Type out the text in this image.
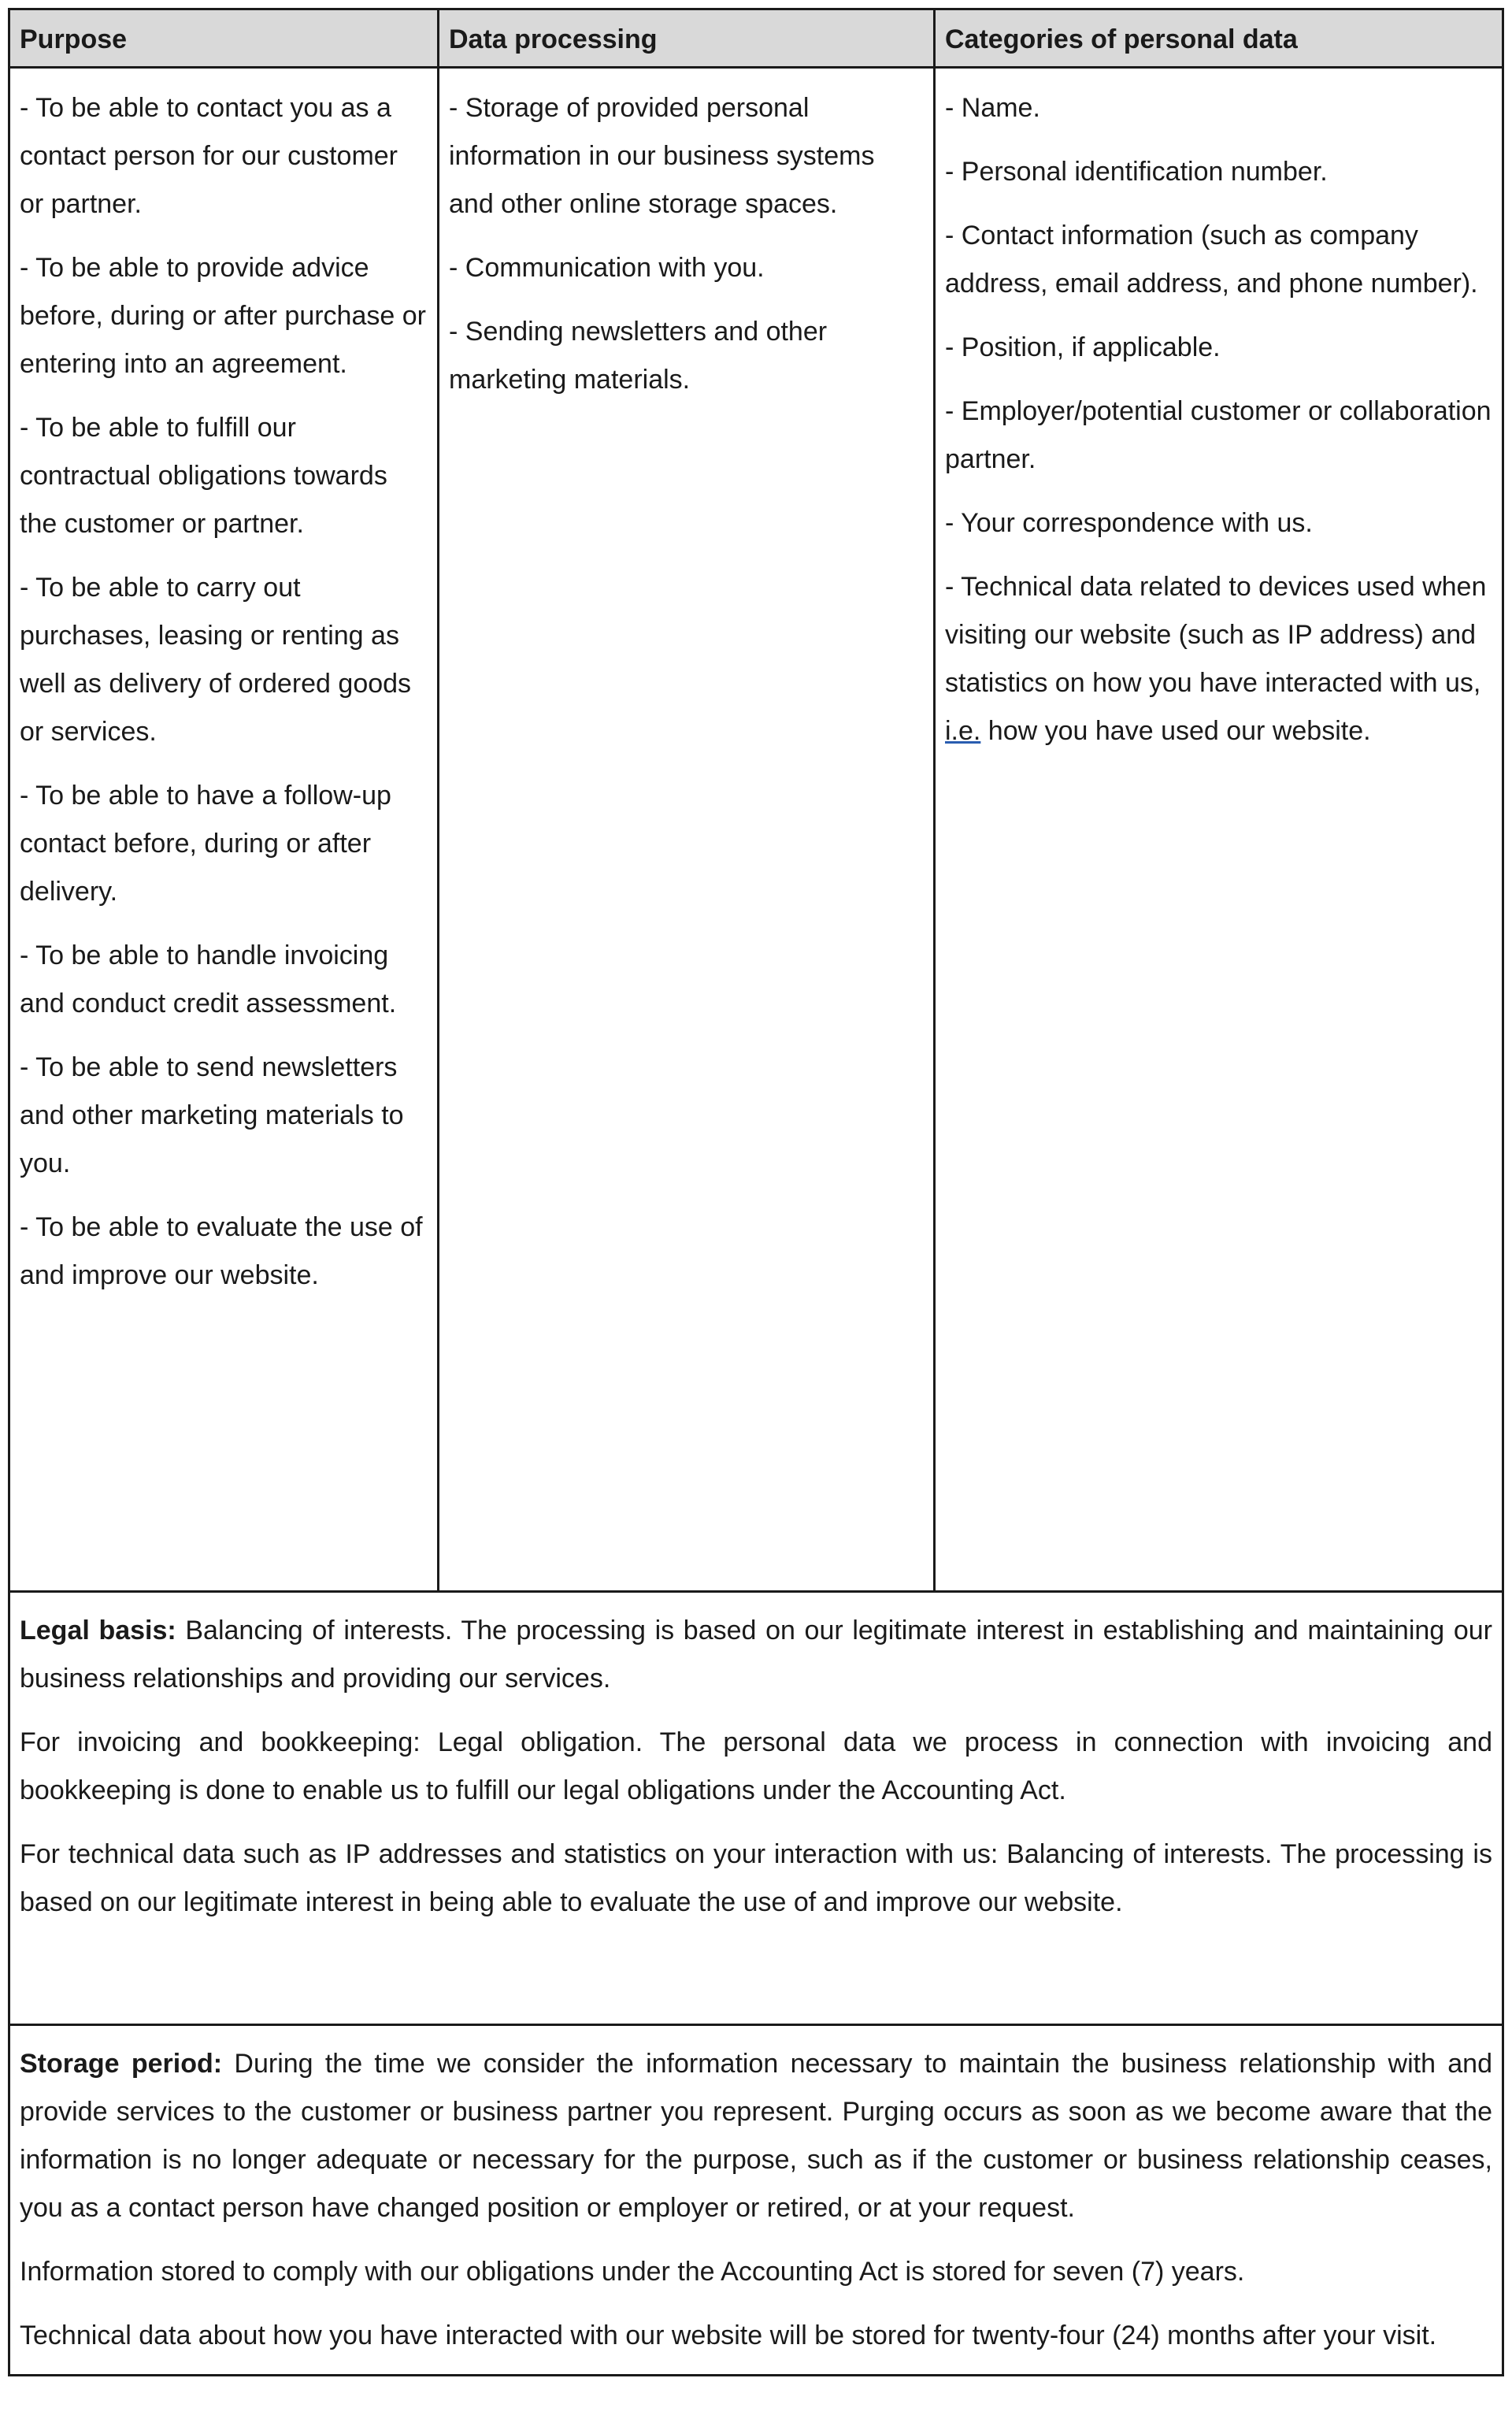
Purpose	Data processing	Categories of personal data

- To be able to contact you as a contact person for our customer or partner.

- To be able to provide advice before, during or after purchase or entering into an agreement.

- To be able to fulfill our contractual obligations towards the customer or partner.

- To be able to carry out purchases, leasing or renting as well as delivery of ordered goods or services.

- To be able to have a follow-up contact before, during or after delivery.

- To be able to handle invoicing and conduct credit assessment.

- To be able to send newsletters and other marketing materials to you.

- To be able to evaluate the use of and improve our website.

- Storage of provided personal information in our business systems and other online storage spaces.

- Communication with you.

- Sending newsletters and other marketing materials.

- Name.

- Personal identification number.

- Contact information (such as company address, email address, and phone number).

- Position, if applicable.

- Employer/potential customer or collaboration partner.

- Your correspondence with us.

- Technical data related to devices used when visiting our website (such as IP address) and statistics on how you have interacted with us, i.e. how you have used our website.

Legal basis: Balancing of interests. The processing is based on our legitimate interest in establishing and maintaining our business relationships and providing our services.

For invoicing and bookkeeping: Legal obligation. The personal data we process in connection with invoicing and bookkeeping is done to enable us to fulfill our legal obligations under the Accounting Act.

For technical data such as IP addresses and statistics on your interaction with us: Balancing of interests. The processing is based on our legitimate interest in being able to evaluate the use of and improve our website.

Storage period: During the time we consider the information necessary to maintain the business relationship with and provide services to the customer or business partner you represent. Purging occurs as soon as we become aware that the information is no longer adequate or necessary for the purpose, such as if the customer or business relationship ceases, you as a contact person have changed position or employer or retired, or at your request.

Information stored to comply with our obligations under the Accounting Act is stored for seven (7) years.

Technical data about how you have interacted with our website will be stored for twenty-four (24) months after your visit.
